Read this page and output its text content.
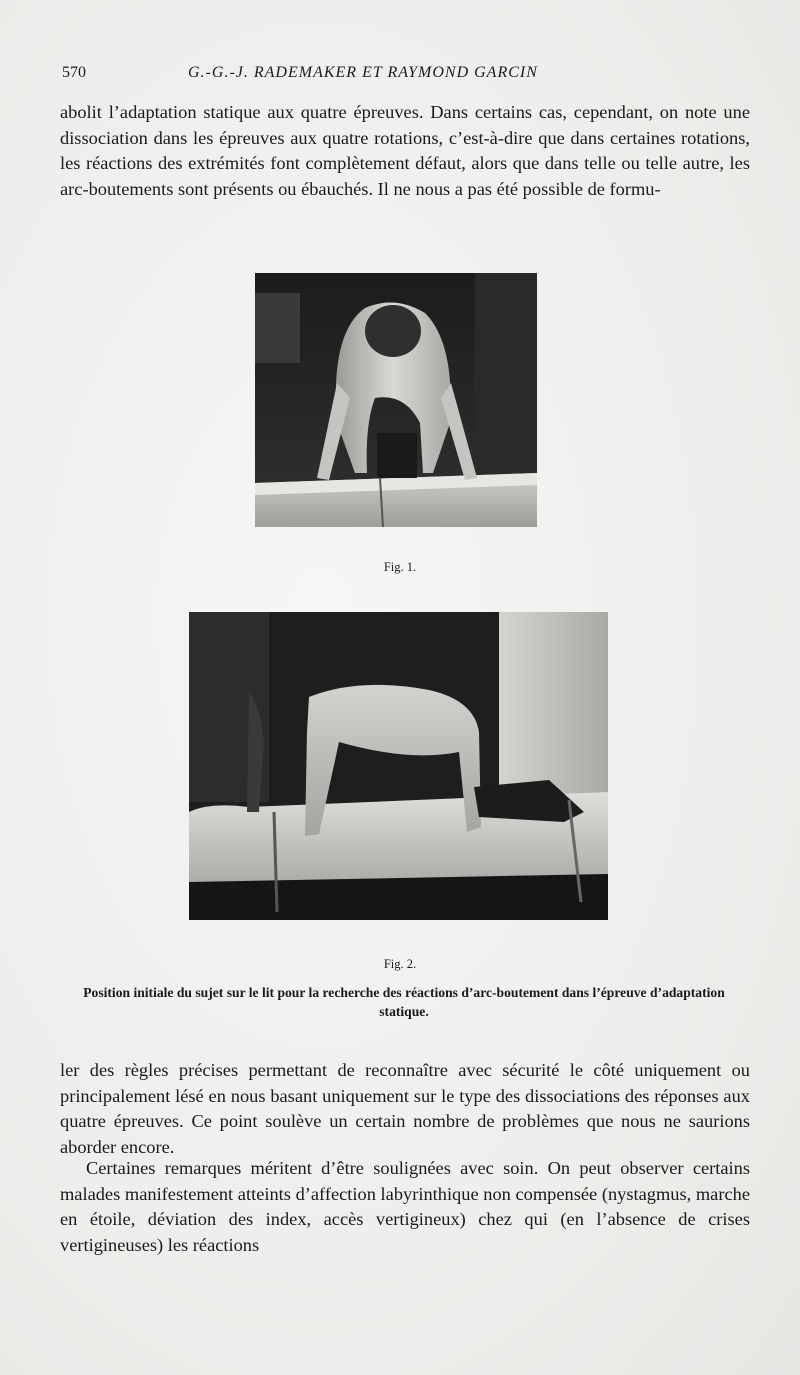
570	G.-G.-J. RADEMAKER ET RAYMOND GARCIN

abolit l’adaptation statique aux quatre épreuves. Dans certains cas, cependant, on note une dissociation dans les épreuves aux quatre rotations, c’est-à-dire que dans certaines rotations, les réactions des extrémités font complètement défaut, alors que dans telle ou telle autre, les arc-boutements sont présents ou ébauchés. Il ne nous a pas été possible de formu-

Fig. 1.
Fig. 2.
Position initiale du sujet sur le lit pour la recherche des réactions d’arc-boutement dans l’épreuve d’adaptation statique.

ler des règles précises permettant de reconnaître avec sécurité le côté uniquement ou principalement lésé en nous basant uniquement sur le type des dissociations des réponses aux quatre épreuves. Ce point soulève un certain nombre de problèmes que nous ne saurions aborder encore.

Certaines remarques méritent d’être soulignées avec soin. On peut observer certains malades manifestement atteints d’affection labyrinthique non compensée (nystagmus, marche en étoile, déviation des index, accès vertigineux) chez qui (en l’absence de crises vertigineuses) les réactions
